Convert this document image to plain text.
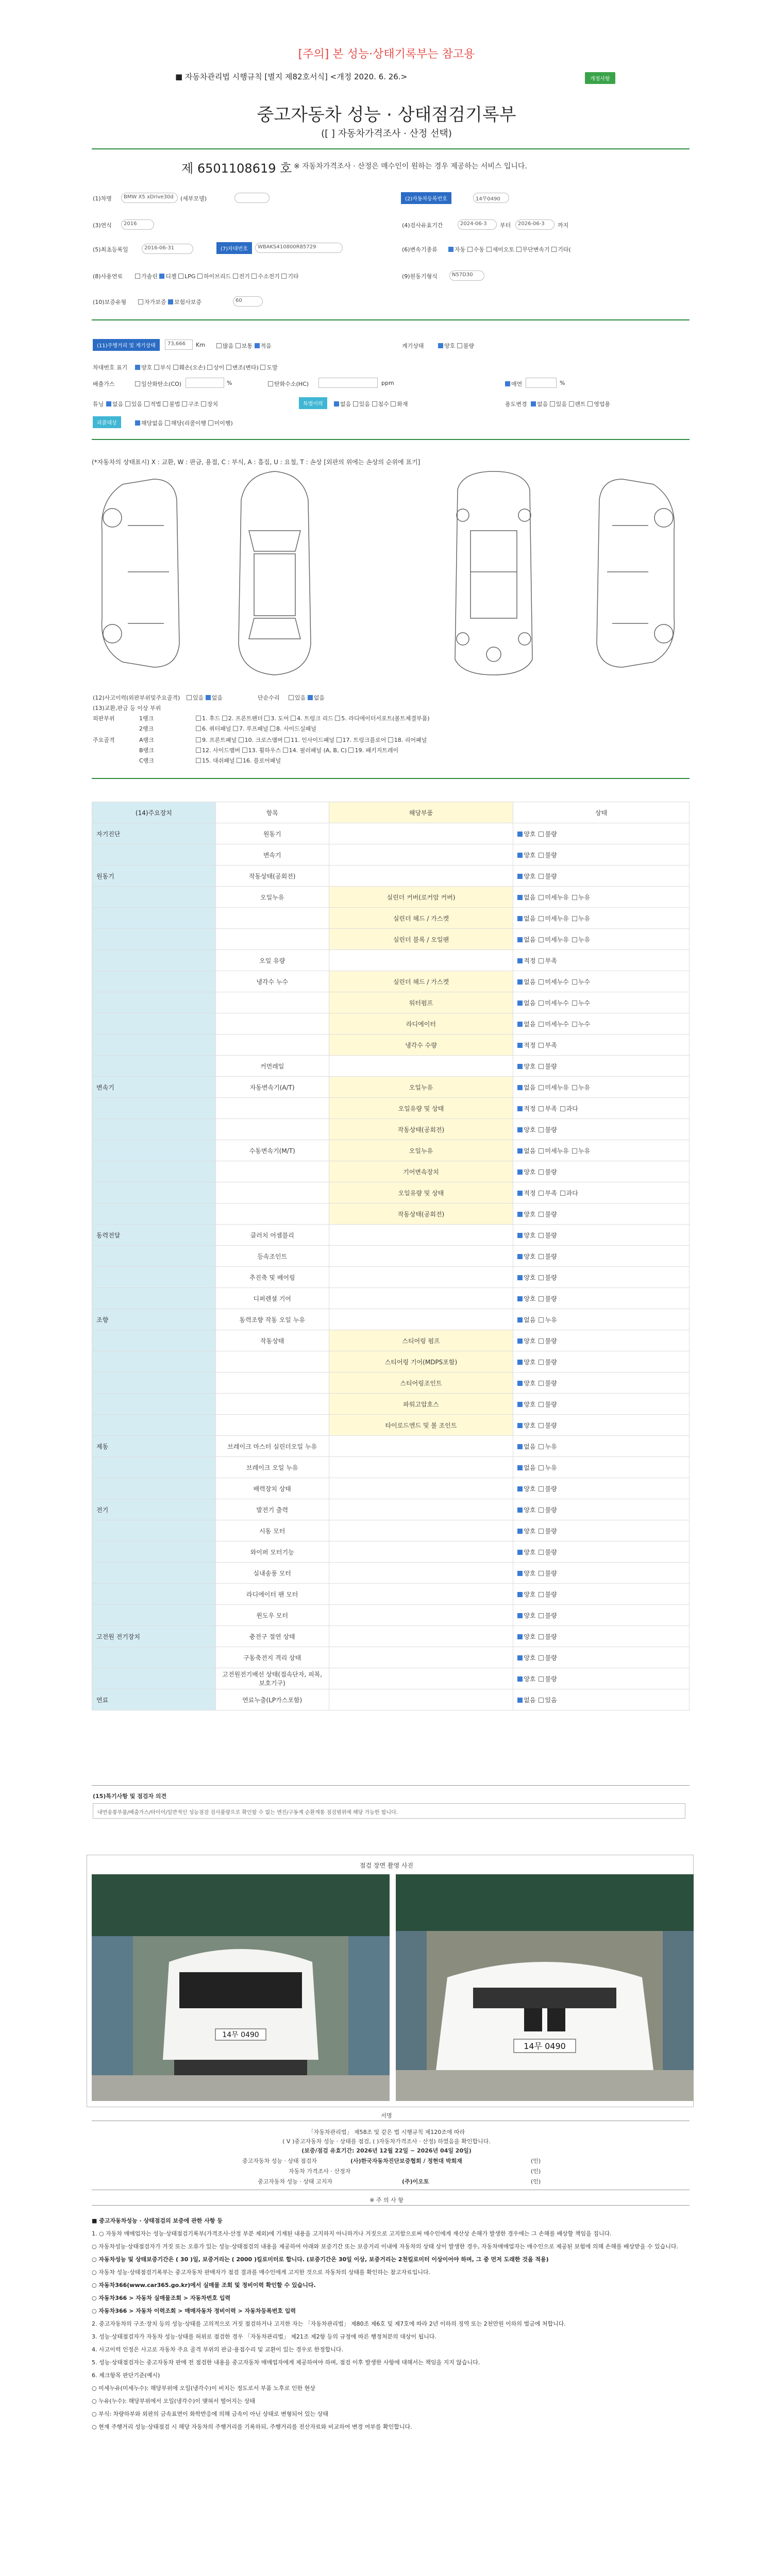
[주의] 본 성능·상태기록부는 참고용
■ 자동차관리법 시행규칙 [별지 제82호서식] <개정 2020. 6. 26.>	개정사항
중고자동차 성능 · 상태점검기록부
([ ] 자동차가격조사 · 산정 선택)
제 6501108619 호 ※ 자동차가격조사 · 산정은 매수인이 원하는 경우 제공하는 서비스 입니다.
(1)차명	BMW X5 xDrive30d	(세부모델)	(2)자동차등록번호	14무0490
(3)연식	2016	(4)검사유효기간	2024-06-3	부터	2026-06-3	까지
(5)최초등록일	2016-06-31	(6)변속기종류	자동 수동 세미오토 무단변속기 기타(
(8)사용연료	가솔린 디젤 LPG 하이브리드 전기 수소전기 기타
(7)차대번호	WBAKS410800R85729
(9)원동기형식	N57D30
(10)보증유형	자가보증 보험사보증	60
(11)주행거리 및 계기상태	73,666	Km	많음 보통 적음	계기상태	양호 불량
차대번호 표기	양호 부식 훼손(오손) 상이 변조(변타) 도말
배출가스	일산화탄소(CO)	%	탄화수소(HC)	ppm	매연	%
튜닝	없음 있음 적법 불법 구조 장치	특별이력	없음 있음 침수 화재	용도변경	없음 있음 렌트 영업용
리콜대상	해당없음 해당(리콜이행 미이행)
(*자동차의 상태표시) X : 교환, W : 판금, 용접, C : 부식, A : 흠집, U : 요철, T : 손상 [외판의 위에는 손상의 순위에 표기]
(12)사고이력(외판부위및주요골격)	있음 없음	단순수리	있음 없음
(13)교환,판금 등 이상 부위
외판부위	1랭크	1. 후드 2. 프론트펜더 3. 도어 4. 트렁크 리드 5. 라디에이터서포트(볼트체결부품)
2랭크	6. 쿼터패널 7. 루프패널 8. 사이드실패널
주요골격	A랭크	9. 프론트패널 10. 크로스멤버 11. 인사이드패널 17. 트렁크플로어 18. 리어패널
B랭크	12. 사이드멤버 13. 휠하우스 14. 필러패널 (A, B, C) 19. 패키지트레이
C랭크	15. 대쉬패널 16. 플로어패널
(14)주요장치	항목	해당부품	상태
자기진단	원동기		양호 불량
	변속기		양호 불량
원동기	작동상태(공회전)		양호 불량
	오일누유	실린더 커버(로커암 커버)	없음 미세누유 누유
		실린더 헤드 / 가스켓	없음 미세누유 누유
		실린더 블록 / 오일팬	없음 미세누유 누유
	오일 유량		적정 부족
	냉각수 누수	실린더 헤드 / 가스켓	없음 미세누수 누수
		워터펌프	없음 미세누수 누수
		라디에이터	없음 미세누수 누수
		냉각수 수량	적정 부족
	커먼레일		양호 불량
변속기	자동변속기(A/T)	오일누유	없음 미세누유 누유
		오일유량 및 상태	적정 부족 과다
		작동상태(공회전)	양호 불량
	수동변속기(M/T)	오일누유	없음 미세누유 누유
		기어변속장치	양호 불량
		오일유량 및 상태	적정 부족 과다
		작동상태(공회전)	양호 불량
동력전달	클러치 어셈블리		양호 불량
	등속조인트		양호 불량
	추진축 및 베어링		양호 불량
	디퍼렌셜 기어		양호 불량
조향	동력조향 작동 오일 누유		없음 누유
	작동상태	스티어링 펌프	양호 불량
		스티어링 기어(MDPS포함)	양호 불량
		스티어링조인트	양호 불량
		파워고압호스	양호 불량
		타이로드엔드 및 볼 조인트	양호 불량
제동	브레이크 마스터 실린더오일 누유		없음 누유
	브레이크 오일 누유		없음 누유
	배력장치 상태		양호 불량
전기	발전기 출력		양호 불량
	시동 모터		양호 불량
	와이퍼 모터기능		양호 불량
	실내송풍 모터		양호 불량
	라디에이터 팬 모터		양호 불량
	윈도우 모터		양호 불량
고전원 전기장치	충전구 절연 상태		양호 불량
	구동축전지 격리 상태		양호 불량
	고전원전기배선 상태(접속단자, 피복, 보호기구)		양호 불량
연료	연료누출(LP가스포함)		없음 있음
(15)특기사항 및 점검자 의견
내연송풍부품/배출가스/타이어/일반적인 성능점검 검사불량으로 확인할 수 없는 엔진/구동계 순환계통 점검범위에 해당 가능한 합니다.
점검 장면 촬영 사진
14무 0490
14무 0490
서명
「자동차관리법」 제58조 및 같은 법 시행규칙 제120조에 따라
( V )중고자동차 성능 · 상태를 점검, ( )자동차가격조사 · 산정) 하였음을 확인합니다.
(보증/점검 유효기간: 2026년 12월 22일 ~ 2026년 04일 20일)
중고자동차 성능 · 상태 점검자	(사)한국자동차진단보증협회 / 정현대 박희재	(인)
자동차 가격조사 · 산정자	(인)
중고자동차 성능 · 상태 고지자	(주)이오토	(인)
※ 주 의 사 항

■ 중고자동차성능 · 상태점검의 보증에 관한 사항 등

1. ○ 자동차 매매업자는 성능·상태점검기록부(가격조사·산정 부분 제외)에 기재된 내용을 고지하지 아니하거나 거짓으로 고지함으로써 매수인에게 재산상 손해가 발생한 경우에는 그 손해를 배상할 책임을 집니다.

○ 자동차성능·상태점검자가 거짓 또는 오류가 있는 성능·상태점검의 내용을 제공하여 아래와 보증기간 또는 보증거리 이내에 자동차의 상태 상이 발생한 경우, 자동차매매업자는 매수인으로 제공된 보험에 의해 손해를 배상받을 수 있습니다.

○ 자동차성능 및 상태보증기간은 ( 30 )일, 보증거리는 ( 2000 )킬로미터로 합니다. (보증기간은 30일 이상, 보증거리는 2천킬로미터 이상이어야 하며, 그 중 먼저 도래한 것을 적용)

○ 자동차 성능·상태점검기록부는 중고자동차 판매자가 점검 결과를 매수인에게 고지한 것으로 자동차의 상태를 확인하는 참고자료입니다.

○ 자동차366(www.car365.go.kr)에서 실매물 조회 및 정비이력 확인할 수 있습니다.

○ 자동차366 > 자동차 실매물조회 > 자동차번호 입력

○ 자동차366 > 자동차 이력조회 > 매매자동차 정비이력 > 자동차등록번호 입력

2. 중고자동차의 구조·장치 등의 성능·상태를 고의적으로 거짓 점검하거나 고지한 자는 「자동차관리법」 제80조 제6호 및 제7호에 따라 2년 이하의 징역 또는 2천만원 이하의 벌금에 처합니다.

3. 성능·상태점검자가 자동차 성능·상태를 허위로 점검한 경우 「자동차관리법」 제21조 제2항 등의 규정에 따른 행정처분의 대상이 됩니다.

4. 사고이력 인정은 사고로 자동차 주요 골격 부위의 판금·용접수리 및 교환이 있는 경우로 한정합니다.

5. 성능·상태점검자는 중고자동차 판매 전 점검한 내용을 중고자동차 매매업자에게 제공하여야 하며, 점검 이후 발생한 사항에 대해서는 책임을 지지 않습니다.

6. 체크항목 판단기준(예시)

○ 미세누유(미세누수): 해당부위에 오일(냉각수)이 비치는 정도로서 부품 노후로 인한 현상

○ 누유(누수): 해당부위에서 오일(냉각수)이 맺혀서 떨어지는 상태

○ 부식: 차량하부와 외판의 금속표면이 화학반응에 의해 금속이 아닌 상태로 변형되어 있는 상태

○ 현재 주행거리 성능·상태점검 시 해당 자동차의 주행거리를 기록하되, 주행거리를 전산자료와 비교하여 변경 여부를 확인합니다.
